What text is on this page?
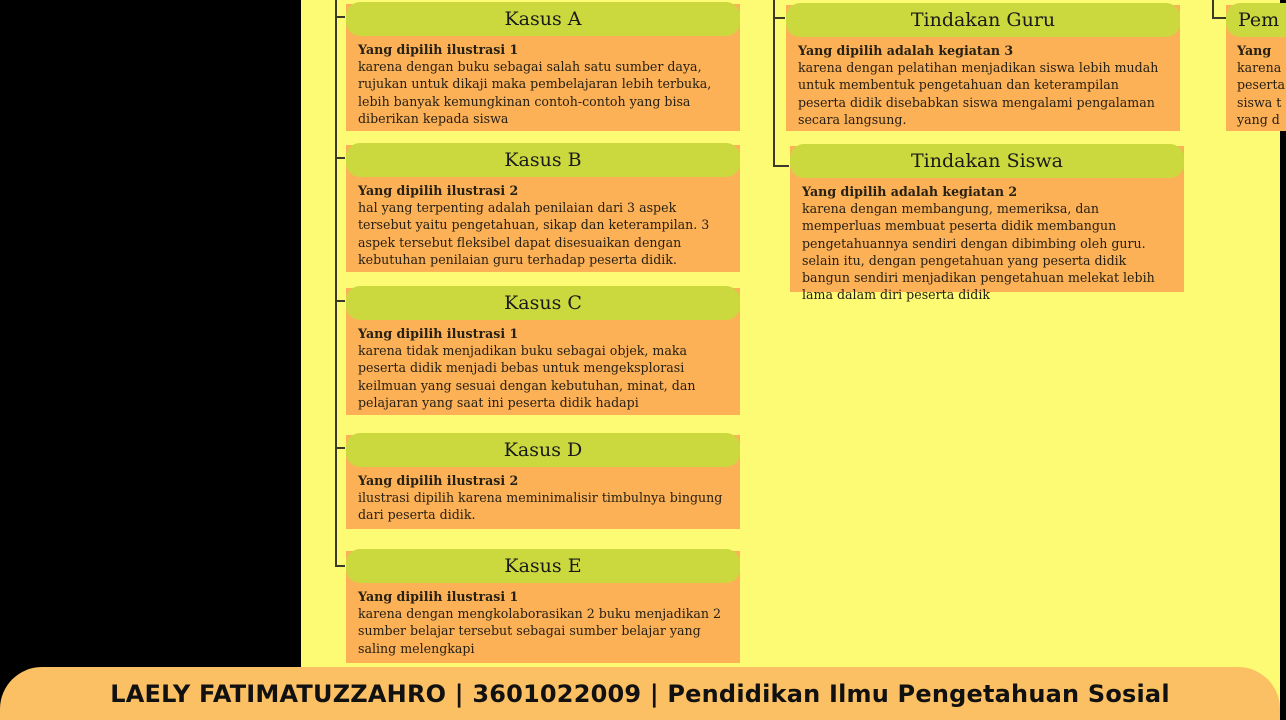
Kasus A
Yang dipilih ilustrasi 1
karena dengan buku sebagai salah satu sumber daya, rujukan untuk dikaji maka pembelajaran lebih terbuka, lebih banyak kemungkinan contoh-contoh yang bisa diberikan kepada siswa
Kasus B
Yang dipilih ilustrasi 2
hal yang terpenting adalah penilaian dari 3 aspek tersebut yaitu pengetahuan, sikap dan keterampilan. 3 aspek tersebut fleksibel dapat disesuaikan dengan kebutuhan penilaian guru terhadap peserta didik.
Kasus C
Yang dipilih ilustrasi 1
karena tidak menjadikan buku sebagai objek, maka peserta didik menjadi bebas untuk mengeksplorasi keilmuan yang sesuai dengan kebutuhan, minat, dan pelajaran yang saat ini peserta didik hadapi
Kasus D
Yang dipilih ilustrasi 2
ilustrasi dipilih karena meminimalisir timbulnya bingung dari peserta didik.
Kasus E
Yang dipilih ilustrasi 1
karena dengan mengkolaborasikan 2 buku menjadikan 2 sumber belajar tersebut sebagai sumber belajar yang saling melengkapi
Tindakan Guru
Yang dipilih adalah kegiatan 3
karena dengan pelatihan menjadikan siswa lebih mudah untuk membentuk pengetahuan dan keterampilan peserta didik disebabkan siswa mengalami pengalaman secara langsung.
Tindakan Siswa
Yang dipilih adalah kegiatan 2
karena dengan membangung, memeriksa, dan memperluas membuat peserta didik membangun pengetahuannya sendiri dengan dibimbing oleh guru. selain itu, dengan pengetahuan yang peserta didik bangun sendiri menjadikan pengetahuan melekat lebih lama dalam diri peserta didik
Pem
Yang
karena
peserta
siswa t
yang d
LAELY FATIMATUZZAHRO | 3601022009 | Pendidikan Ilmu Pengetahuan Sosial
